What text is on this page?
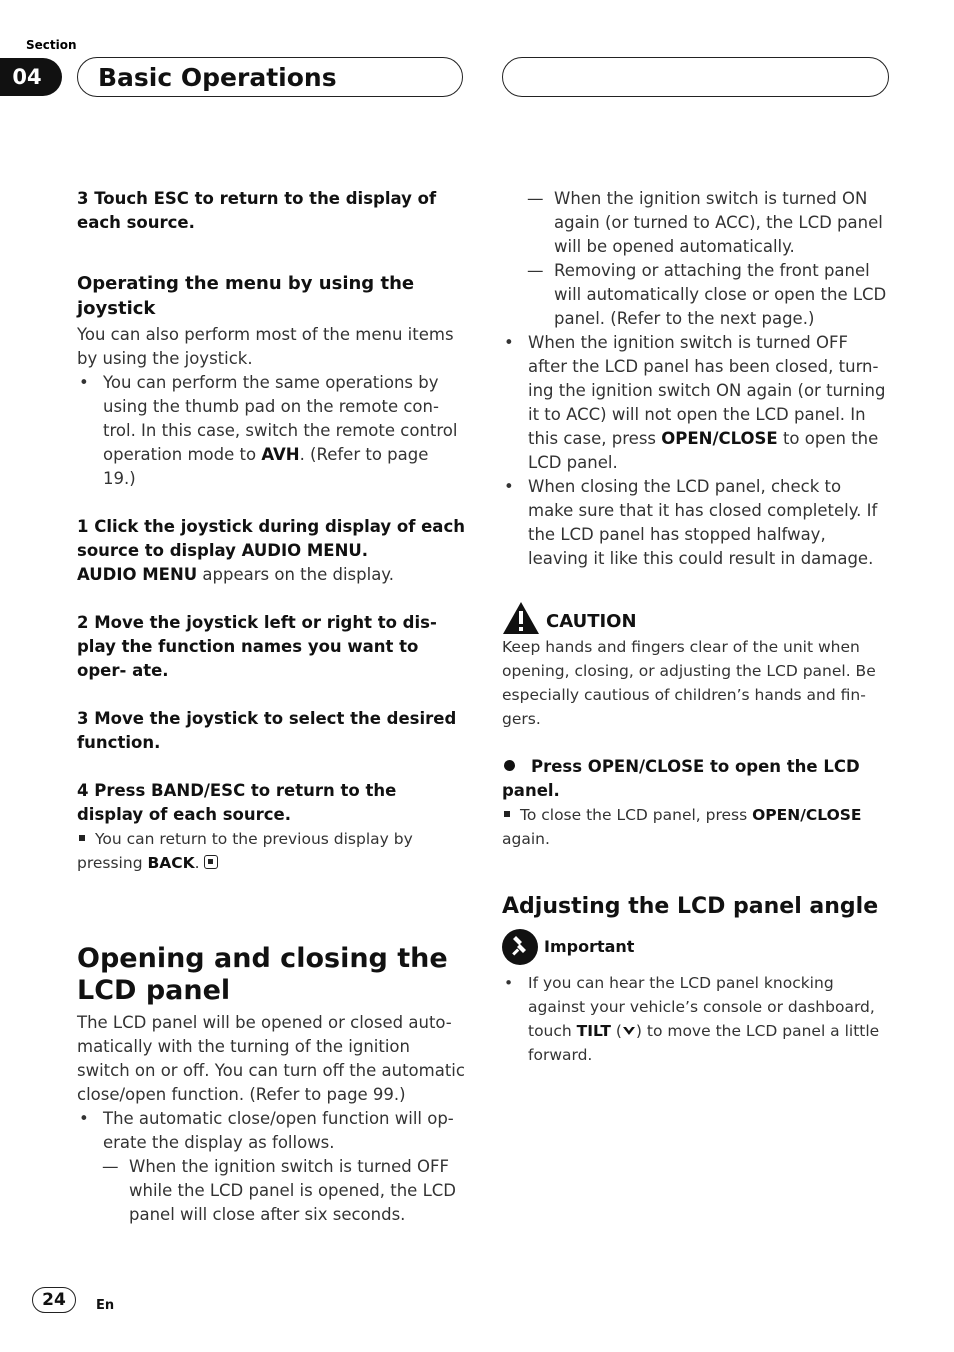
Section
04	Basic Operations

3 Touch ESC to return to the display of each source.

Operating the menu by using the joystick

You can also perform most of the menu items by using the joystick.

• You can perform the same operations by using the thumb pad on the remote con- trol. In this case, switch the remote control operation mode to AVH. (Refer to page 19.)

1 Click the joystick during display of each source to display AUDIO MENU.

AUDIO MENU appears on the display.

2 Move the joystick left or right to dis- play the function names you want to oper- ate.

3 Move the joystick to select the desired function.

4 Press BAND/ESC to return to the display of each source.

You can return to the previous display by pressing BACK.

Opening and closing the LCD panel

The LCD panel will be opened or closed auto- matically with the turning of the ignition switch on or off. You can turn off the automatic close/open function. (Refer to page 99.)

• The automatic close/open function will op- erate the display as follows.

— When the ignition switch is turned OFF while the LCD panel is opened, the LCD panel will close after six seconds.

— When the ignition switch is turned ON again (or turned to ACC), the LCD panel will be opened automatically.

— Removing or attaching the front panel will automatically close or open the LCD panel. (Refer to the next page.)

• When the ignition switch is turned OFF after the LCD panel has been closed, turn- ing the ignition switch ON again (or turning it to ACC) will not open the LCD panel. In this case, press OPEN/CLOSE to open the LCD panel.

• When closing the LCD panel, check to make sure that it has closed completely. If the LCD panel has stopped halfway, leaving it like this could result in damage.

CAUTION

Keep hands and fingers clear of the unit when opening, closing, or adjusting the LCD panel. Be especially cautious of children’s hands and fin- gers.

Press OPEN/CLOSE to open the LCD panel.

To close the LCD panel, press OPEN/CLOSE again.

Adjusting the LCD panel angle

Important

• If you can hear the LCD panel knocking against your vehicle’s console or dashboard, touch TILT ( ) to move the LCD panel a little forward.

24	En
